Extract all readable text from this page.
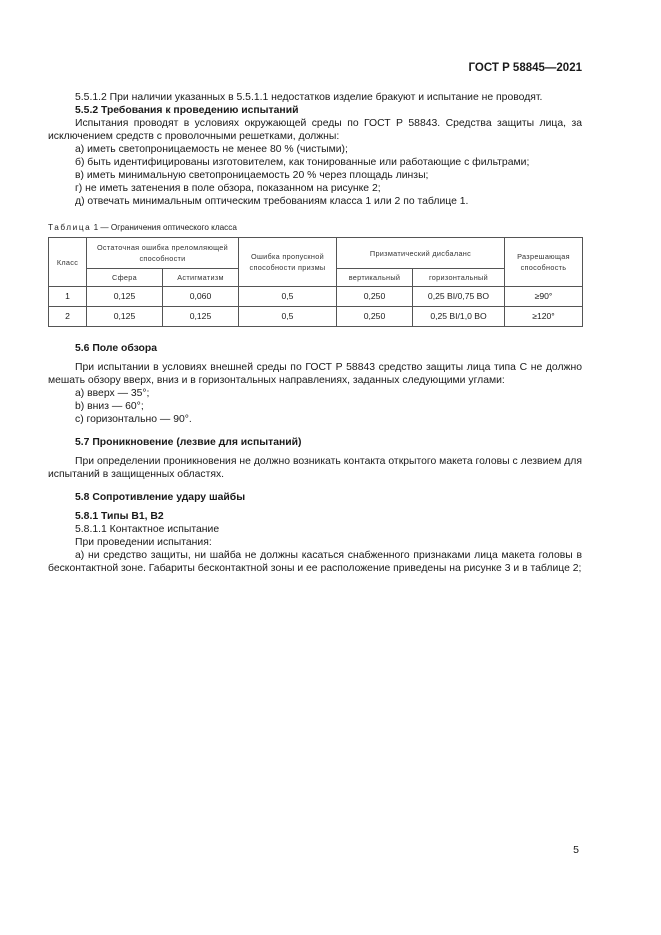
ГОСТ Р 58845—2021

5.5.1.2 При наличии указанных в 5.5.1.1 недостатков изделие бракуют и испытание не проводят.

5.5.2 Требования к проведению испытаний

Испытания проводят в условиях окружающей среды по ГОСТ Р 58843. Средства защиты лица, за исключением средств с проволочными решетками, должны:

а) иметь светопроницаемость не менее 80 % (чистыми);

б) быть идентифицированы изготовителем, как тонированные или работающие с фильтрами;

в) иметь минимальную светопроницаемость 20 % через площадь линзы;

г) не иметь затенения в поле обзора, показанном на рисунке 2;

д) отвечать минимальным оптическим требованиям класса 1 или 2 по таблице 1.

Таблица 1 — Ограничения оптического класса
Класс	Остаточная ошибка преломляющей способности		Ошибка пропускной способности призмы	Призматический дисбаланс		Разрешающая способность
	Сфера	Астигматизм		вертикальный	горизонтальный	
1	0,125	0,060	0,5	0,250	0,25 BI/0,75 BO	≥90°
2	0,125	0,125	0,5	0,250	0,25 BI/1,0 BO	≥120°

5.6 Поле обзора

При испытании в условиях внешней среды по ГОСТ Р 58843 средство защиты лица типа С не должно мешать обзору вверх, вниз и в горизонтальных направлениях, заданных следующими углами:

а) вверх — 35°;

b) вниз — 60°;

c) горизонтально — 90°.

5.7 Проникновение (лезвие для испытаний)

При определении проникновения не должно возникать контакта открытого макета головы с лезвием для испытаний в защищенных областях.

5.8 Сопротивление удару шайбы

5.8.1 Типы В1, В2

5.8.1.1 Контактное испытание

При проведении испытания:

а) ни средство защиты, ни шайба не должны касаться снабженного признаками лица макета головы в бесконтактной зоне. Габариты бесконтактной зоны и ее расположение приведены на рисунке 3 и в таблице 2;

5
